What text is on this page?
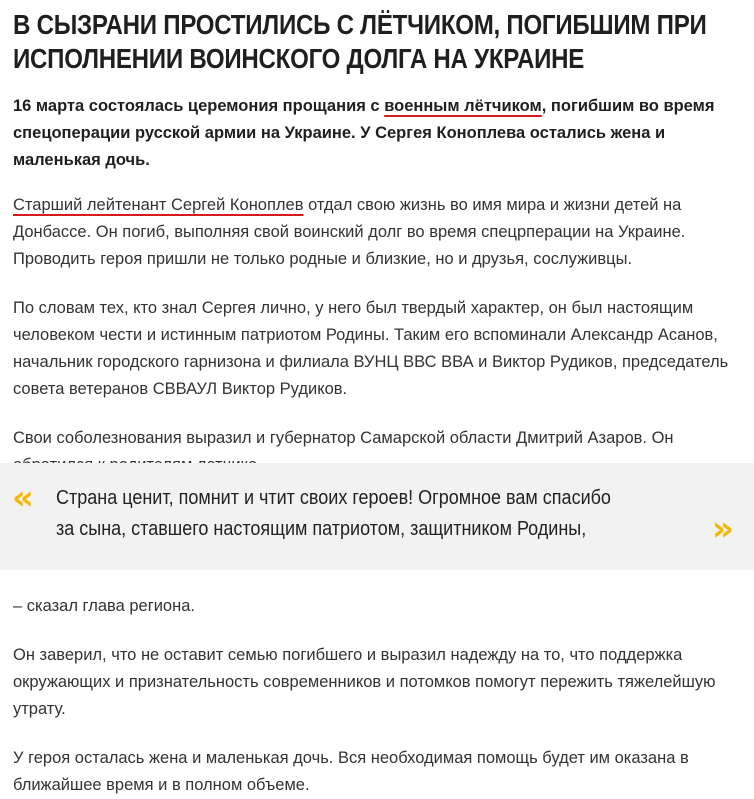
В СЫЗРАНИ ПРОСТИЛИСЬ С ЛЁТЧИКОМ, ПОГИБШИМ ПРИ ИСПОЛНЕНИИ ВОИНСКОГО ДОЛГА НА УКРАИНЕ

16 марта состоялась церемония прощания с военным лётчиком, погибшим во время спецоперации русской армии на Украине. У Сергея Коноплева остались жена и маленькая дочь.

Старший лейтенант Сергей Коноплев отдал свою жизнь во имя мира и жизни детей на Донбассе. Он погиб, выполняя свой воинский долг во время спецрперации на Украине. Проводить героя пришли не только родные и близкие, но и друзья, сослуживцы.

По словам тех, кто знал Сергея лично, у него был твердый характер, он был настоящим человеком чести и истинным патриотом Родины. Таким его вспоминали Александр Асанов, начальник городского гарнизона и филиала ВУНЦ ВВС ВВА и Виктор Рудиков, председатель совета ветеранов СВВАУЛ Виктор Рудиков.

Свои соболезнования выразил и губернатор Самарской области Дмитрий Азаров. Он

« Страна ценит, помнит и чтит своих героев! Огромное вам спасибо за сына, ставшего настоящим патриотом, защитником Родины,	»

– сказал глава региона.

Он заверил, что не оставит семью погибшего и выразил надежду на то, что поддержка окружающих и признательность современников и потомков помогут пережить тяжелейшую утрату.

У героя осталась жена и маленькая дочь. Вся необходимая помощь будет им оказана в ближайшее время и в полном объеме.
